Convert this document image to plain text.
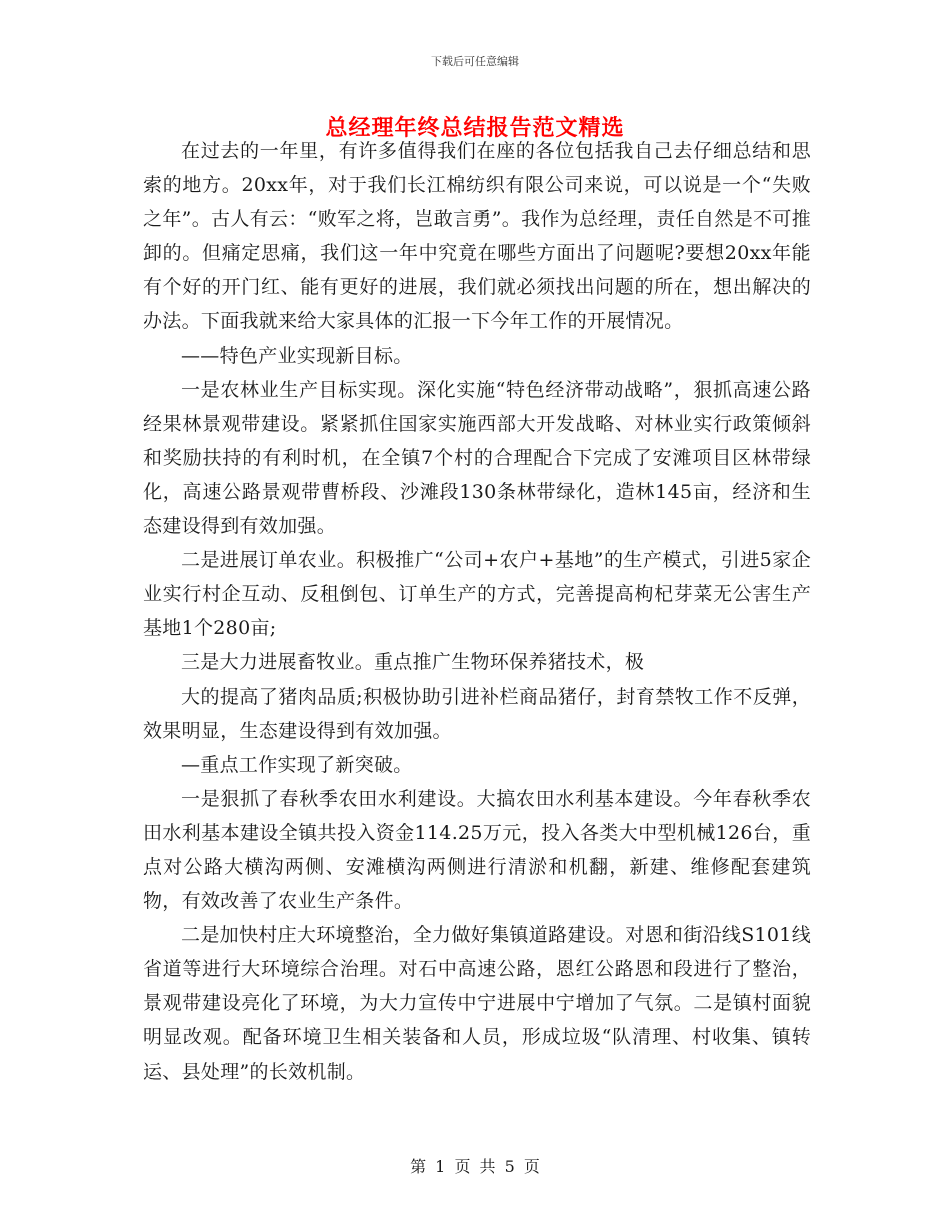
下载后可任意编辑
总经理年终总结报告范文精选

在过去的一年里，有许多值得我们在座的各位包括我自己去仔细总结和思索的地方。20xx年，对于我们长江棉纺织有限公司来说，可以说是一个“失败之年”。古人有云：“败军之将，岂敢言勇”。我作为总经理，责任自然是不可推卸的。但痛定思痛，我们这一年中究竟在哪些方面出了问题呢?要想20xx年能有个好的开门红、能有更好的进展，我们就必须找出问题的所在，想出解决的办法。下面我就来给大家具体的汇报一下今年工作的开展情况。

——特色产业实现新目标。

一是农林业生产目标实现。深化实施“特色经济带动战略”，狠抓高速公路经果林景观带建设。紧紧抓住国家实施西部大开发战略、对林业实行政策倾斜和奖励扶持的有利时机，在全镇7个村的合理配合下完成了安滩项目区林带绿化，高速公路景观带曹桥段、沙滩段130条林带绿化，造林145亩，经济和生态建设得到有效加强。

二是进展订单农业。积极推广“公司+农户+基地”的生产模式，引进5家企业实行村企互动、反租倒包、订单生产的方式，完善提高枸杞芽菜无公害生产基地1个280亩;

三是大力进展畜牧业。重点推广生物环保养猪技术，极

大的提高了猪肉品质;积极协助引进补栏商品猪仔，封育禁牧工作不反弹，效果明显，生态建设得到有效加强。

—重点工作实现了新突破。

一是狠抓了春秋季农田水利建设。大搞农田水利基本建设。今年春秋季农田水利基本建设全镇共投入资金114.25万元，投入各类大中型机械126台，重点对公路大横沟两侧、安滩横沟两侧进行清淤和机翻，新建、维修配套建筑物，有效改善了农业生产条件。

二是加快村庄大环境整治，全力做好集镇道路建设。对恩和街沿线S101线省道等进行大环境综合治理。对石中高速公路，恩红公路恩和段进行了整治，景观带建设亮化了环境，为大力宣传中宁进展中宁增加了气氛。二是镇村面貌明显改观。配备环境卫生相关装备和人员，形成垃圾“队清理、村收集、镇转运、县处理”的长效机制。

第 1 页 共 5 页
